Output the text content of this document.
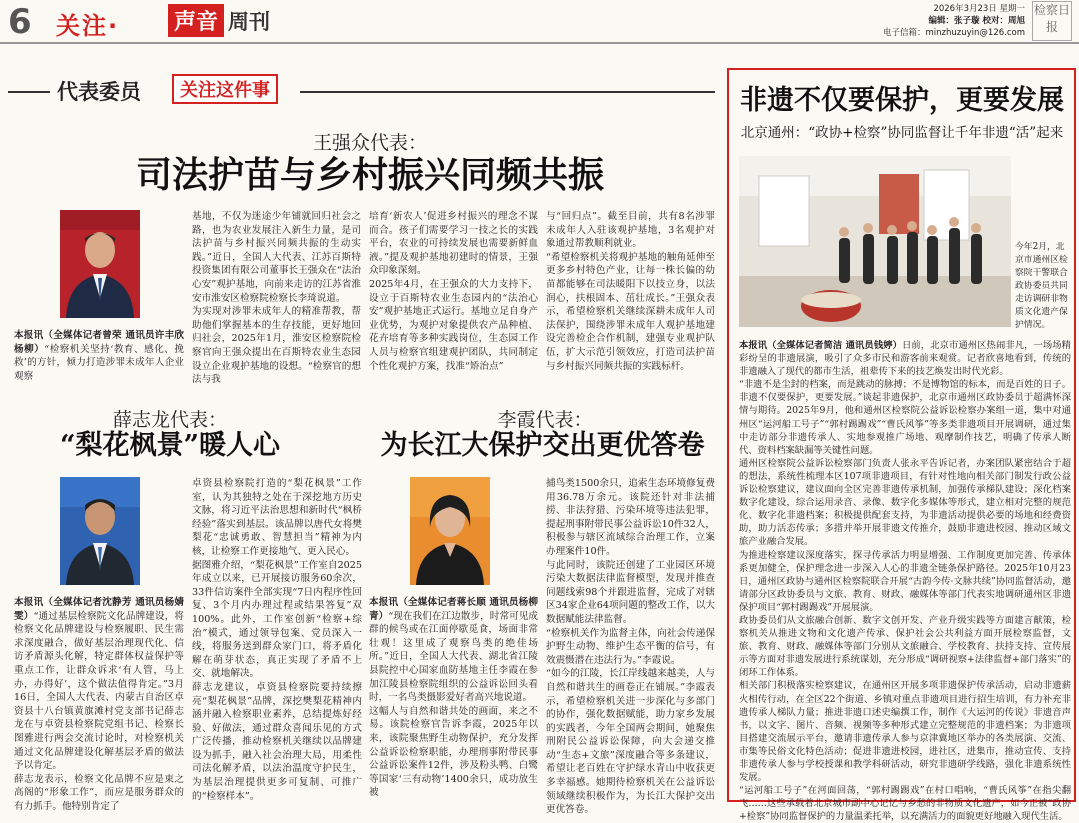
6 关注· 声音 周刊
2026年3月23日 星期一
编辑：张子璇 校对：周旭
电子信箱：minzhuzuyin@126.com
检察日报
代表委员	关注这件事
王强众代表：
司法护苗与乡村振兴同频共振

本报讯（全媒体记者曾荣 通讯员许丰欣 杨柳）“检察机关坚持‘教育、感化、挽救’的方针，倾力打造涉罪未成年人企业观察

基地，不仅为迷途少年铺就回归社会之路，也为农业发展注入新生力量，是司法护苗与乡村振兴同频共振的生动实践。”近日，全国人大代表、江苏百斯特投资集团有限公司董事长王强众在“法治心安”观护基地，向前来走访的江苏省淮安市淮安区检察院检察长李琦说道。
为实现对涉罪未成年人的精准帮教，帮助他们掌握基本的生存技能，更好地回归社会，2025年1月，淮安区检察院检察官向王强众提出在百斯特农业生态园设立企业观护基地的设想。“检察官的想法与我

培育‘新农人’促进乡村振兴的理念不谋而合。孩子们需要学习一技之长的实践平台，农业的可持续发展也需要新鲜血液。”提及观护基地初建时的情景，王强众印象深刻。
2025年4月，在王强众的大力支持下，设立于百斯特农业生态园内的“法治心安”观护基地正式运行。基地立足自身产业优势，为观护对象提供农产品种植、花卉培育等多种实践岗位，生态园工作人员与检察官组建观护团队，共同制定个性化观护方案，找准“矫治点”

与“回归点”。截至目前，共有8名涉罪未成年人入驻该观护基地，3名观护对象通过帮教顺利就业。
“希望检察机关将观护基地的触角延伸至更多乡村特色产业，让每一株长偏的幼苗都能够在司法暖阳下以技立身，以法润心，扶根固本、茁壮成长。”王强众表示，希望检察机关继续深耕未成年人司法保护，围绕涉罪未成年人观护基地建设完善检企合作机制，建强专业观护队伍，扩大示范引领效应，打造司法护苗与乡村振兴同频共振的实践标杆。

薛志龙代表：
“梨花枫景”暖人心

本报讯（全媒体记者沈静芳 通讯员杨婧雯）“通过基层检察院文化品牌建设，将检察文化品牌建设与检察履职、民生需求深度融合，做好基层治理现代化、信访矛盾源头化解，特定群体权益保护等重点工作，让群众诉求‘有人管，马上办，办得好’，这个做法值得肯定。”3月16日，全国人大代表、内蒙古自治区卓资县十八台镇黄旗滩村党支部书记薛志龙在与卓资县检察院党组书记、检察长图雅进行两会交流讨论时，对检察机关通过文化品牌建设化解基层矛盾的做法予以肯定。
薛志龙表示，检察文化品牌不应是束之高阁的“形象工作”，而应是服务群众的有力抓手。他特别肯定了

卓资县检察院打造的“梨花枫景”工作室，认为其独特之处在于深挖地方历史文脉，将习近平法治思想和新时代“枫桥经验”落实到基层。该品牌以唐代女将樊梨花“忠诚勇敢、智慧担当”精神为内核，让检察工作更接地气、更入民心。
据图雅介绍，“梨花枫景”工作室自2025年成立以来，已开展接访服务60余次，33件信访案件全部实现“7日内程序性回复、3个月内办理过程或结果答复”双100%。此外，工作室创新“检察+综治”模式，通过领导包案、党员深入一线，将服务送到群众家门口，将矛盾化解在萌芽状态，真正实现了矛盾不上交、就地解决。
薛志龙建议，卓资县检察院要持续擦亮“梨花枫景”品牌，深挖樊梨花精神内涵并融入检察职业素养，总结提炼好经验、好做法，通过群众喜闻乐见的方式广泛传播，推动检察机关继续以品牌建设为抓手，融入社会治理大局，用柔性司法化解矛盾，以法治温度守护民生，为基层治理提供更多可复制、可推广的“检察样本”。

李霞代表：
为长江大保护交出更优答卷

本报讯（全媒体记者蒋长顺 通讯员杨柳青）“现在我们在江边散步，时常可见成群的候鸟或在江面停歇觅食，场面非常壮观！这里成了观察鸟类的绝佳场所。”近日，全国人大代表、湖北省江陵县院控中心国家血防基地主任李霞在参加江陵县检察院组织的公益诉讼回头看时，一名鸟类摄影爱好者高兴地说道。
这幅人与自然和谐共处的画面，来之不易。该院检察官告诉李霞，2025年以来，该院聚焦野生动物保护，充分发挥公益诉讼检察职能，办理刑事附带民事公益诉讼案件12件，涉及粉头鸭、白鹭等国家‘三有动物’1400余只，成功放生被

捕鸟类1500余只，追索生态环境修复费用36.78万余元。该院还针对非法捕捞、非法狩猎、污染环境等违法犯罪，提起刑事附带民事公益诉讼10件32人，积极参与辖区流域综合治理工作，立案办理案件10件。
与此同时，该院还创建了工业园区环境污染大数据法律监督模型，发现并推查问题线索98个并跟进监督，完成了对辖区34家企业64项问题的整改工作，以大数据赋能法律监督。
“检察机关作为监督主体，向社会传递保护野生动物、维护生态平衡的信号，有效震慑潜在违法行为。”李霞说。
“如今的江陵，长江岸线越来越美，人与自然和谐共生的画卷正在铺展。”李霞表示，希望检察机关进一步深化与多部门的协作，强化数据赋能，助力家乡发展的实践者，今年全国两会期间，她聚焦刑附民公益诉讼保障，向大会递交推动“生态+文旅”深度融合等多条建议，希望让老百姓在守护绿水青山中收获更多幸福感。她期待检察机关在公益诉讼领域继续积极作为，为长江大保护交出更优答卷。

非遗不仅要保护，更要发展
北京通州：“政协+检察”协同监督让千年非遗“活”起来

今年2月，北京市通州区检察院干警联合政协委员共同走访调研非物质文化遗产保护情况。

本报讯（全媒体记者简洁 通讯员钱婷）日前，北京市通州区热闹非凡，一场场精彩纷呈的非遗展演，吸引了众多市民和游客前来观赏。记者欣喜地看到，传统的非遗融入了现代的都市生活，祖辈传下来的技艺焕发出时代光彩。
“非遗不是尘封的档案，而是跳动的脉搏；不是博物馆的标本，而是百姓的日子。非遗不仅要保护，更要发展。”谈起非遗保护，北京市通州区政协委员于超满怀深情与期待。2025年9月，他和通州区检察院公益诉讼检察办案组一道，集中对通州区“运河船工号子”“郭村踢踢戏”“曹氏风筝”等多类非遗项目开展调研，通过集中走访部分非遗传承人、实地参观推广场地、观摩制作技艺，明确了传承人断代、资料档案缺漏等关键性问题。
通州区检察院公益诉讼检察部门负责人张永平告诉记者，办案团队紧密结合于超的想法，系统性梳理本区107项非遗项目，有针对性地向相关部门制发行政公益诉讼检察建议，建议面向全区完善非遗传承机制，加强传承梯队建设；深化档案数字化建设，综合运用录音、录像、数字化多媒体等形式，建立相对完整的规范化、数字化非遗档案；积极提供配套支持，为非遗活动提供必要的场地和经费资助，助力活态传承；多措并举开展非遗文传推介，鼓励非遗进校园、推动区域文旅产业融合发展。
为推进检察建议深度落实，探寻传承活力明显增强、工作制度更加完善、传承体系更加健全，保护理念进一步深入人心的非遗全链条保护路径。2025年10月23日，通州区政协与通州区检察院联合开展“古韵今传·文脉共续”协同监督活动，邀请部分区政协委员与文旅、教育、财政、融媒体等部门代表实地调研通州区非遗保护项目“郭村踢踢戏”开展展演。
政协委员们从文旅融合创新、数字文创开发、产业升级实践等方面建言献策，检察机关从推进文物和文化遗产传承、保护社会公共利益方面开展检察监督，文旅、教育、财政、融媒体等部门分别从文旅融合、学校教育、扶持支持、宣传展示等方面对非遗发展进行系统谋划，充分形成“调研视察+法律监督+部门落实”的闭环工作体系。
相关部门积极落实检察建议，在通州区开展多项非遗保护传承活动，启动非遗薪火相传行动，在全区22个街道、乡镇对重点非遗项目进行招生培训，有力补充非遗传承人梯队力量；推进非遗口述史编撰工作，制作《大运河的传说》非遗音声书，以文字、图片、音频、视频等多种形式建立完整规范的非遗档案；为非遗项目搭建交流展示平台，邀请非遗传承人参与京津冀地区举办的各类展演、交流、市集等民俗文化特色活动；促进非遗进校园，进社区，进集市，推动宣传、支持非遗传承人参与学校授课和教学科研活动，研究非遗研学线路，强化非遗系统性发展。
“运河船工号子”在河面回荡，“郭村踢踢戏”在村口唱响，“曹氏风筝”在指尖翻飞……这些承载着北京城市副中心记忆与乡愁的非物质文化遗产，如今正被“政协+检察”协同监督保护的力量温柔托举，以充满活力的面貌更好地融入现代生活。
